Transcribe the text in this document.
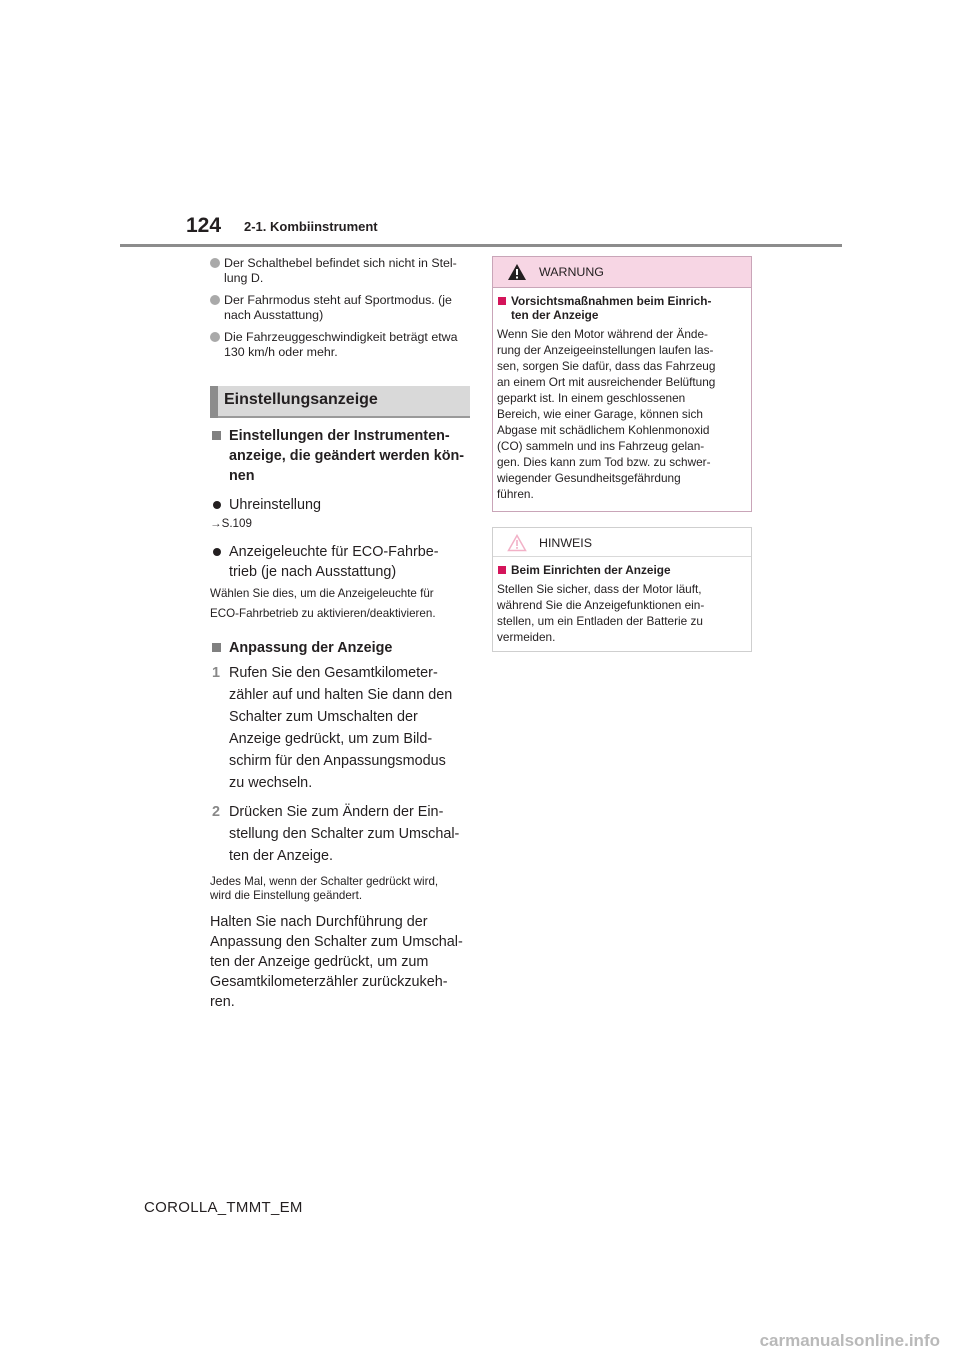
124 2-1. Kombiinstrument
Der Schalthebel befindet sich nicht in Stel-
lung D.
Der Fahrmodus steht auf Sportmodus. (je
nach Ausstattung)
Die Fahrzeuggeschwindigkeit beträgt etwa
130 km/h oder mehr.
Einstellungsanzeige
Einstellungen der Instrumenten-
anzeige, die geändert werden kön-
nen
Uhreinstellung
→S.109
Anzeigeleuchte für ECO-Fahrbe-
trieb (je nach Ausstattung)
Wählen Sie dies, um die Anzeigeleuchte für
ECO-Fahrbetrieb zu aktivieren/deaktivieren.
Anpassung der Anzeige
1 Rufen Sie den Gesamtkilometer-
zähler auf und halten Sie dann den
Schalter zum Umschalten der
Anzeige gedrückt, um zum Bild-
schirm für den Anpassungsmodus
zu wechseln.
2 Drücken Sie zum Ändern der Ein-
stellung den Schalter zum Umschal-
ten der Anzeige.
Jedes Mal, wenn der Schalter gedrückt wird,
wird die Einstellung geändert.
Halten Sie nach Durchführung der
Anpassung den Schalter zum Umschal-
ten der Anzeige gedrückt, um zum
Gesamtkilometerzähler zurückzukeh-
ren.
WARNUNG
Vorsichtsmaßnahmen beim Einrich-
ten der Anzeige
Wenn Sie den Motor während der Ände-
rung der Anzeigeeinstellungen laufen las-
sen, sorgen Sie dafür, dass das Fahrzeug
an einem Ort mit ausreichender Belüftung
geparkt ist. In einem geschlossenen
Bereich, wie einer Garage, können sich
Abgase mit schädlichem Kohlenmonoxid
(CO) sammeln und ins Fahrzeug gelan-
gen. Dies kann zum Tod bzw. zu schwer-
wiegender Gesundheitsgefährdung
führen.
HINWEIS
Beim Einrichten der Anzeige
Stellen Sie sicher, dass der Motor läuft,
während Sie die Anzeigefunktionen ein-
stellen, um ein Entladen der Batterie zu
vermeiden.
COROLLA_TMMT_EM
carmanualsonline.info
